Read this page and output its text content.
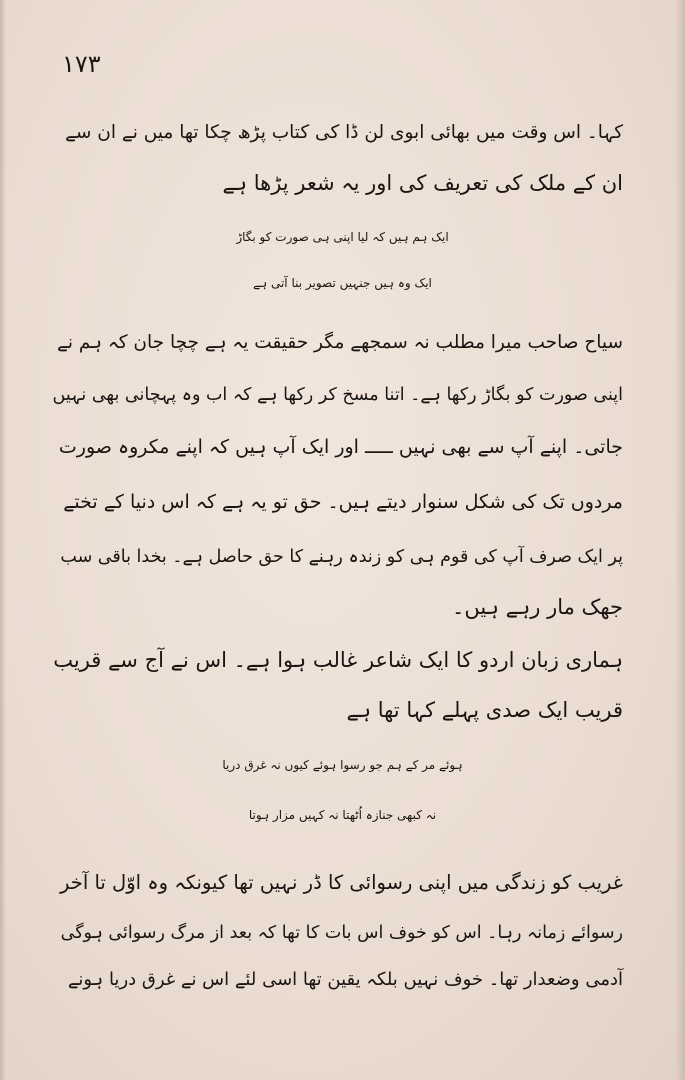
۱۷۳
کہا۔ اس وقت میں بھائی ابوی لن ڈا کی کتاب پڑھ چکا تھا میں نے ان سے
ان کے ملک کی تعریف کی اور یہ شعر پڑھا ہے
ایک ہم ہیں کہ لیا اپنی ہی صورت کو بگاڑ
ایک وہ ہیں جنہیں تصویر بنا آتی ہے
سیاح صاحب میرا مطلب نہ سمجھے مگر حقیقت یہ ہے چچا جان کہ ہم نے
اپنی صورت کو بگاڑ رکھا ہے۔ اتنا مسخ کر رکھا ہے کہ اب وہ پہچانی بھی نہیں
جاتی۔ اپنے آپ سے بھی نہیں ـــــ اور ایک آپ ہیں کہ اپنے مکروہ صورت
مردوں تک کی شکل سنوار دیتے ہیں۔ حق تو یہ ہے کہ اس دنیا کے تختے
پر ایک صرف آپ کی قوم ہی کو زندہ رہنے کا حق حاصل ہے۔ بخدا باقی سب
جھک مار رہے ہیں۔
ہماری زبان اردو کا ایک شاعر غالب ہوا ہے۔ اس نے آج سے قریب
قریب ایک صدی پہلے کہا تھا ہے
ہوئے مر کے ہم جو رسوا ہوئے کیوں نہ غرق دریا
نہ کبھی جنازہ اُٹھتا نہ کہیں مزار ہوتا
غریب کو زندگی میں اپنی رسوائی کا ڈر نہیں تھا کیونکہ وہ اوّل تا آخر
رسوائے زمانہ رہا۔ اس کو خوف اس بات کا تھا کہ بعد از مرگ رسوائی ہوگی
آدمی وضعدار تھا۔ خوف نہیں بلکہ یقین تھا اسی لئے اس نے غرق دریا ہونے
